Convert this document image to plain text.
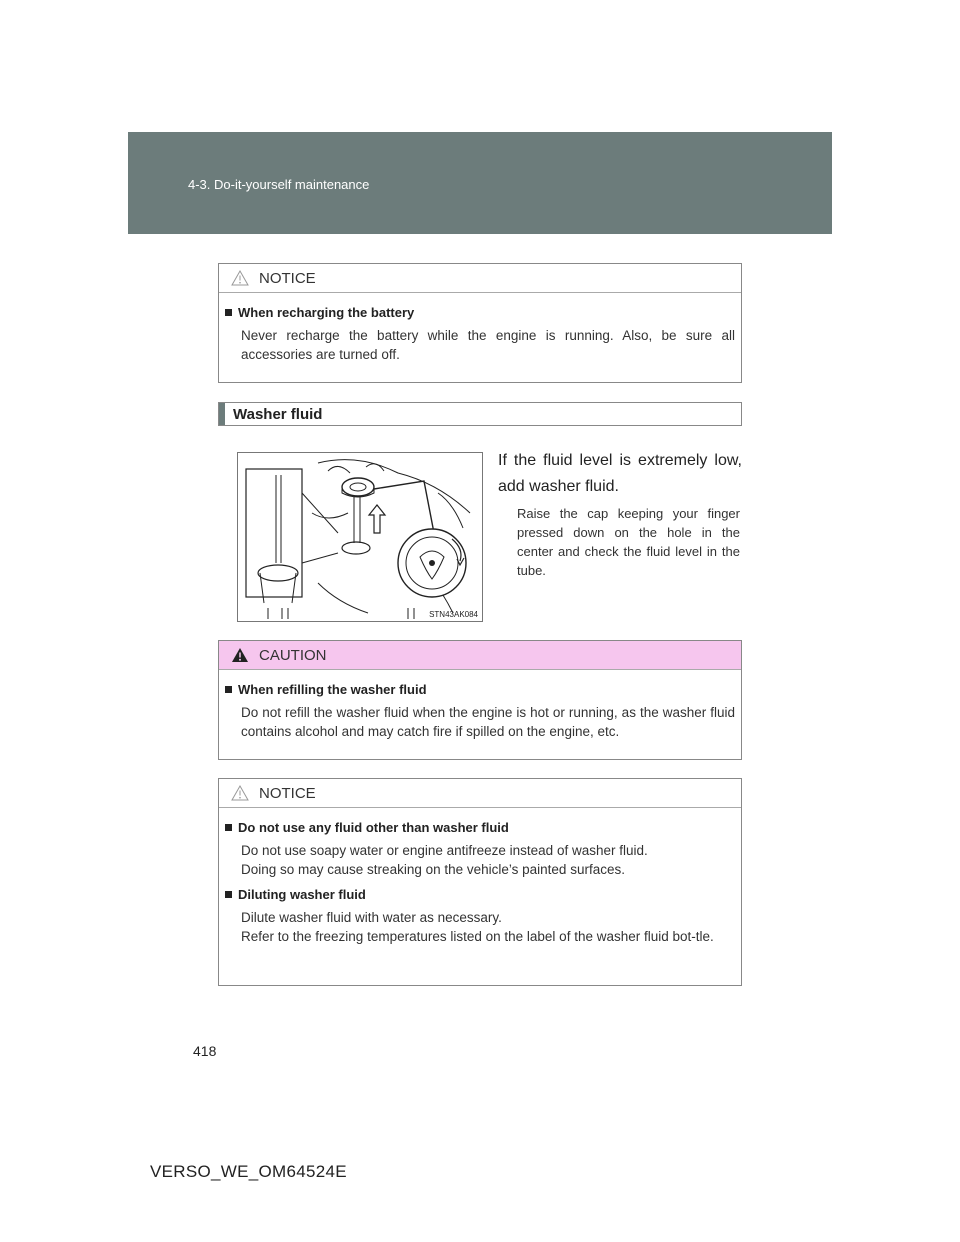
4-3. Do-it-yourself maintenance
NOTICE
When recharging the battery
Never recharge the battery while the engine is running. Also, be sure all accessories are turned off.
Washer fluid
STN43AK084
If the fluid level is extremely low, add washer fluid.
Raise the cap keeping your finger pressed down on the hole in the center and check the fluid level in the tube.
CAUTION
When refilling the washer fluid
Do not refill the washer fluid when the engine is hot or running, as the washer fluid contains alcohol and may catch fire if spilled on the engine, etc.
NOTICE
Do not use any fluid other than washer fluid
Do not use soapy water or engine antifreeze instead of washer fluid.
Doing so may cause streaking on the vehicle’s painted surfaces.
Diluting washer fluid
Dilute washer fluid with water as necessary.
Refer to the freezing temperatures listed on the label of the washer fluid bot-tle.
418
VERSO_WE_OM64524E
